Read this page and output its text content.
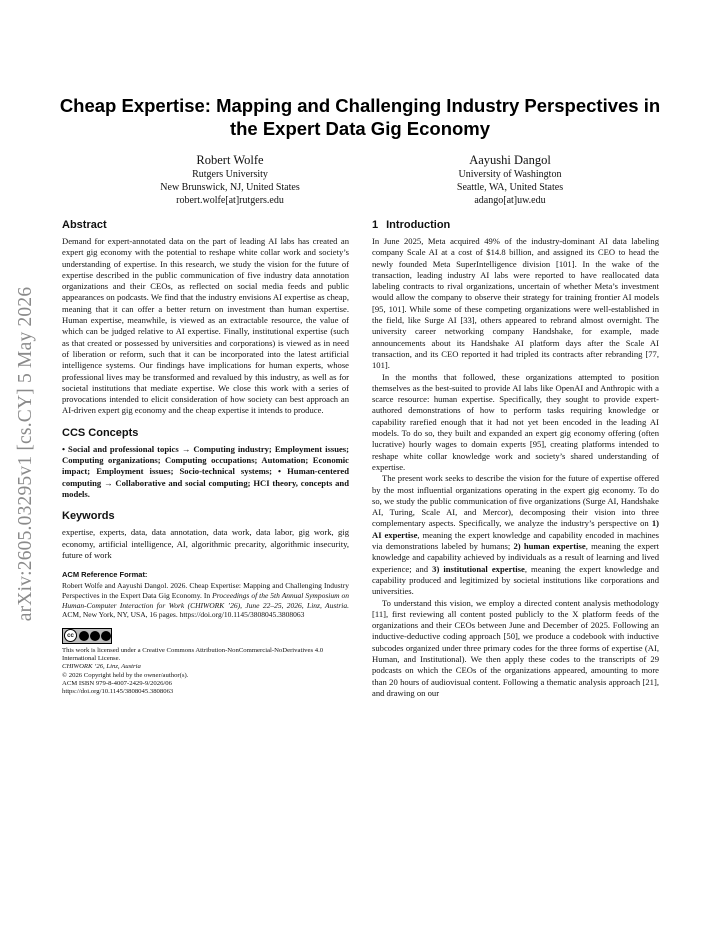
arXiv:2605.03295v1 [cs.CY] 5 May 2026
Cheap Expertise: Mapping and Challenging Industry Perspectives in the Expert Data Gig Economy
Robert Wolfe
Rutgers University
New Brunswick, NJ, United States
robert.wolfe[at]rutgers.edu
Aayushi Dangol
University of Washington
Seattle, WA, United States
adango[at]uw.edu
Abstract

Demand for expert-annotated data on the part of leading AI labs has created an expert gig economy with the potential to reshape white collar work and society’s understanding of expertise. In this research, we study the vision for the future of expertise described in the public communication of five industry data annotation organizations and their CEOs, as reflected on social media feeds and public appearances on podcasts. We find that the industry envisions AI expertise as cheap, meaning that it can offer a better return on investment than human expertise. Human expertise, meanwhile, is viewed as an extractable resource, the value of which can be judged relative to AI expertise. Finally, institutional expertise (such as that created or possessed by universities and corporations) is viewed as in need of liberation or reform, such that it can be incorporated into the latest artificial intelligence systems. Our findings have implications for human experts, whose professional lives may be transformed and revalued by this industry, as well as for societal institutions that mediate expertise. We close this work with a series of provocations intended to elicit consideration of how society can best approach an AI-driven expert gig economy and the cheap expertise it intends to produce.

CCS Concepts

• Social and professional topics → Computing industry; Employment issues; Computing organizations; Computing occupations; Automation; Economic impact; Employment issues; Socio-technical systems; • Human-centered computing → Collaborative and social computing; HCI theory, concepts and models.

Keywords

expertise, experts, data, data annotation, data work, data labor, gig work, gig economy, artificial intelligence, AI, algorithmic precarity, algorithmic insecurity, future of work

ACM Reference Format:
Robert Wolfe and Aayushi Dangol. 2026. Cheap Expertise: Mapping and Challenging Industry Perspectives in the Expert Data Gig Economy. In Proceedings of the 5th Annual Symposium on Human-Computer Interaction for Work (CHIWORK ’26), June 22–25, 2026, Linz, Austria. ACM, New York, NY, USA, 16 pages. https://doi.org/10.1145/3808045.3808063
cc
This work is licensed under a Creative Commons Attribution-NonCommercial-NoDerivatives 4.0 International License.
CHIWORK ’26, Linz, Austria
© 2026 Copyright held by the owner/author(s).
ACM ISBN 979-8-4007-2429-9/2026/06
https://doi.org/10.1145/3808045.3808063
1 Introduction

In June 2025, Meta acquired 49% of the industry-dominant AI data labeling company Scale AI at a cost of $14.8 billion, and assigned its CEO to head the newly founded Meta SuperIntelligence division [101]. In the wake of the transaction, leading industry AI labs were reported to have reallocated data labeling contracts to rival organizations, uncertain of whether Meta’s investment would allow the company to observe their strategy for training frontier AI models [95, 101]. While some of these competing organizations were well-established in the field, like Surge AI [33], others appeared to rebrand almost overnight. The university career networking company Handshake, for example, made announcements about its Handshake AI platform days after the Scale AI transaction, and its CEO reported it had tripled its contracts after rebranding [77, 101].

In the months that followed, these organizations attempted to position themselves as the best-suited to provide AI labs like OpenAI and Anthropic with a scarce resource: human expertise. Specifically, they sought to provide expert-authored demonstrations of how to perform tasks requiring knowledge or capability rarefied enough that it had not yet been encoded in the leading AI models. To do so, they built and expanded an expert gig economy offering (often lucrative) hourly wages to domain experts [95], creating platforms intended to reshape white collar knowledge work and society’s shared understanding of expertise.

The present work seeks to describe the vision for the future of expertise offered by the most influential organizations operating in the expert gig economy. To do so, we study the public communication of five organizations (Surge AI, Handshake AI, Turing, Scale AI, and Mercor), decomposing their vision into three complementary aspects. Specifically, we analyze the industry’s perspective on 1) AI expertise, meaning the expert knowledge and capability encoded in machines via demonstrations labeled by humans; 2) human expertise, meaning the expert knowledge and capability achieved by individuals as a result of learning and lived experience; and 3) institutional expertise, meaning the expert knowledge and capability produced and legitimized by societal institutions like corporations and universities.

To understand this vision, we employ a directed content analysis methodology [11], first reviewing all content posted publicly to the X platform feeds of the organizations and their CEOs between June and December of 2025. Following an inductive-deductive coding approach [50], we produce a codebook with inductive subcodes organized under three primary codes for the three forms of expertise (AI, Human, and Institutional). We then apply these codes to the transcripts of 29 podcasts on which the CEOs of the organizations appeared, amounting to more than 20 hours of audiovisual content. Following a thematic analysis approach [21], and drawing on our
